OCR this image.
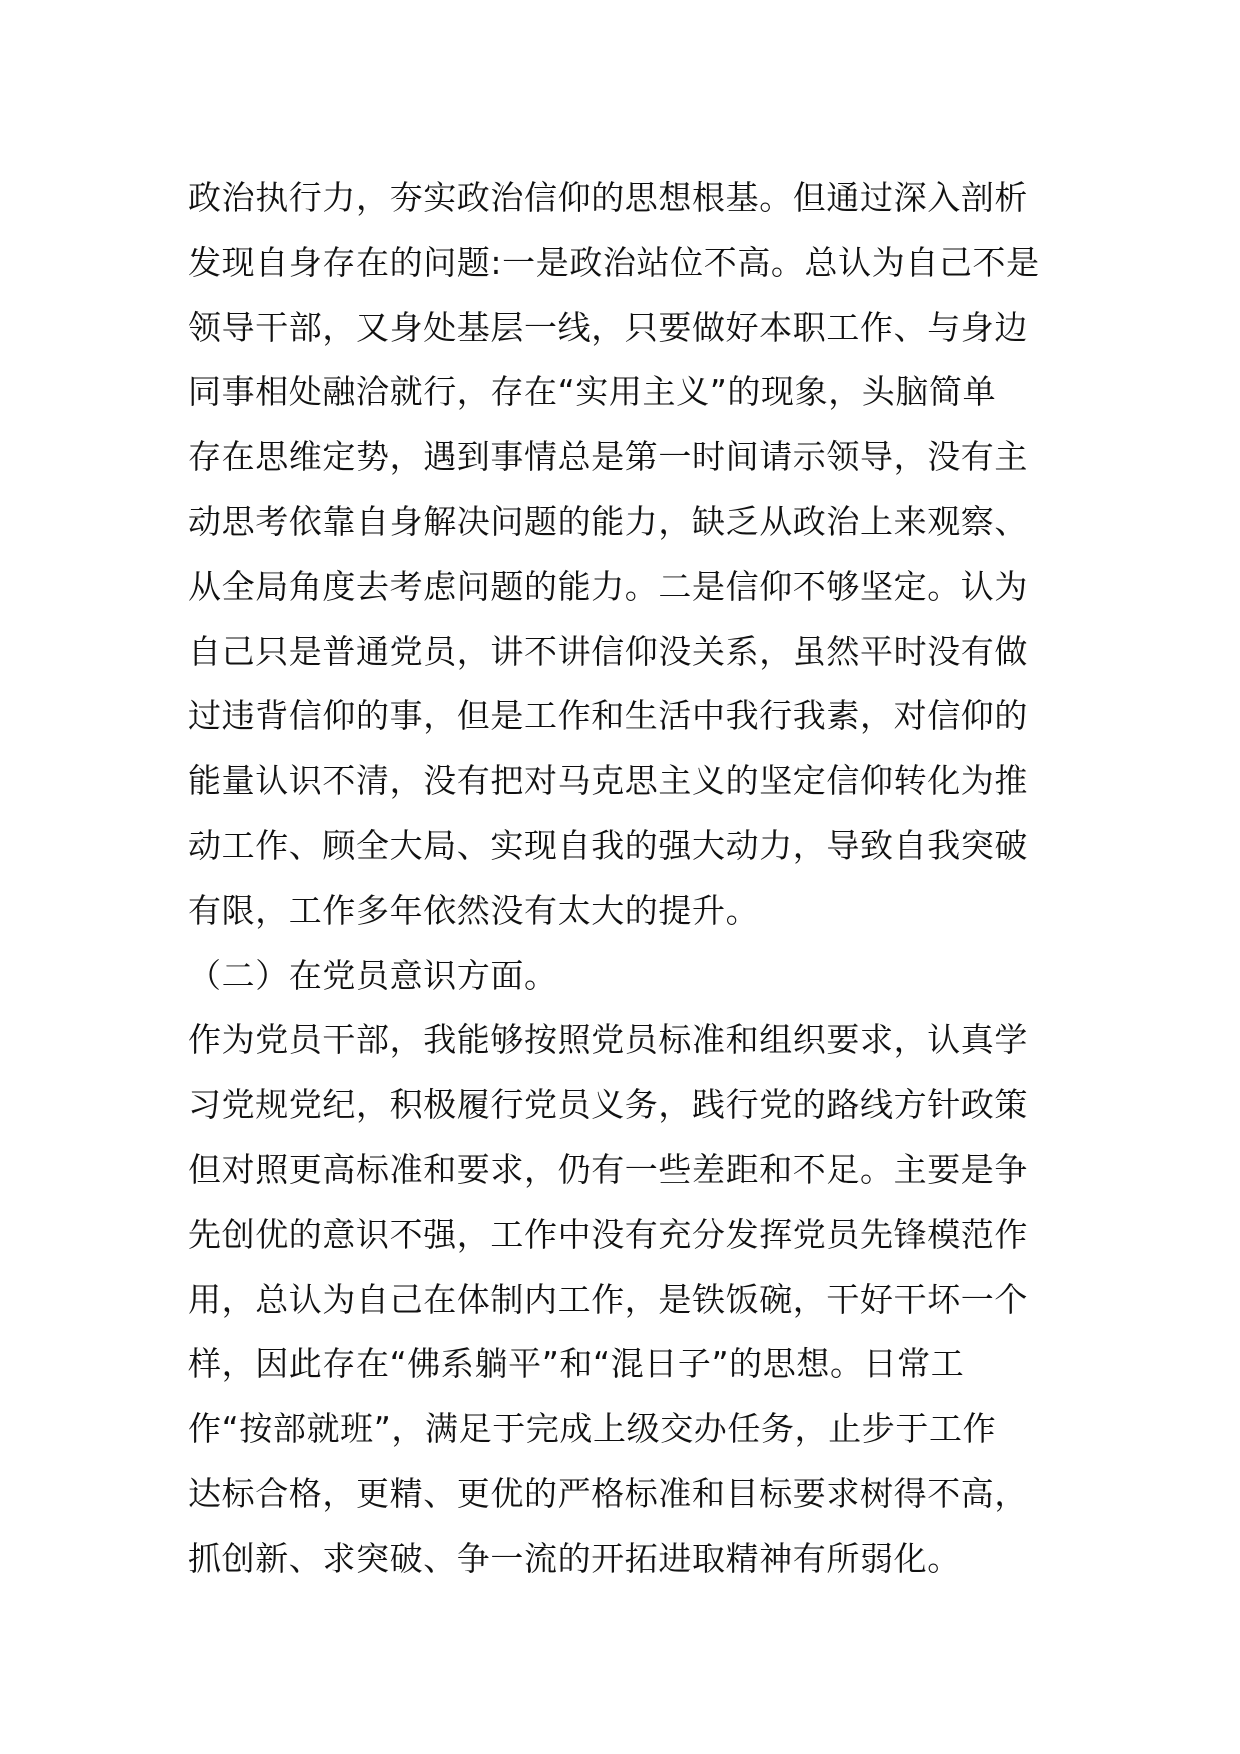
政治执行力，夯实政治信仰的思想根基。但通过深入剖析
发现自身存在的问题:一是政治站位不高。总认为自己不是
领导干部，又身处基层一线，只要做好本职工作、与身边
同事相处融洽就行，存在“实用主义”的现象，头脑简单
存在思维定势，遇到事情总是第一时间请示领导，没有主
动思考依靠自身解决问题的能力，缺乏从政治上来观察、
从全局角度去考虑问题的能力。二是信仰不够坚定。认为
自己只是普通党员，讲不讲信仰没关系，虽然平时没有做
过违背信仰的事，但是工作和生活中我行我素，对信仰的
能量认识不清，没有把对马克思主义的坚定信仰转化为推
动工作、顾全大局、实现自我的强大动力，导致自我突破
有限，工作多年依然没有太大的提升。
（二）在党员意识方面。
作为党员干部，我能够按照党员标准和组织要求，认真学
习党规党纪，积极履行党员义务，践行党的路线方针政策
但对照更高标准和要求，仍有一些差距和不足。主要是争
先创优的意识不强，工作中没有充分发挥党员先锋模范作
用，总认为自己在体制内工作，是铁饭碗，干好干坏一个
样，因此存在“佛系躺平”和“混日子”的思想。日常工
作“按部就班”，满足于完成上级交办任务，止步于工作
达标合格，更精、更优的严格标准和目标要求树得不高，
抓创新、求突破、争一流的开拓进取精神有所弱化。
